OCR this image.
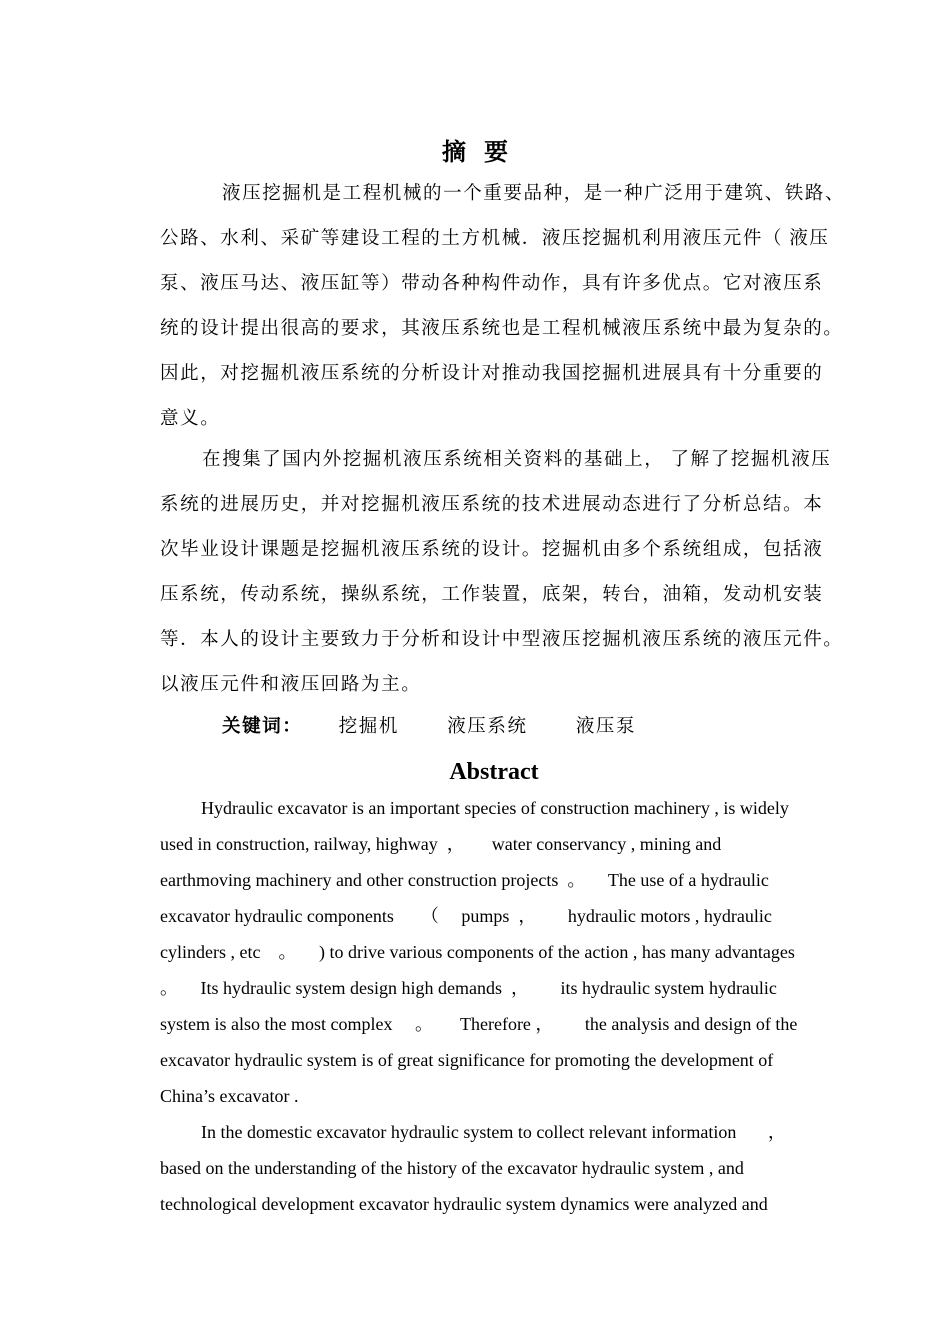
摘要
液压挖掘机是工程机械的一个重要品种，是一种广泛用于建筑、铁路、
公路、水利、采矿等建设工程的土方机械．液压挖掘机利用液压元件（ 液压
泵、液压马达、液压缸等）带动各种构件动作，具有许多优点。它对液压系
统的设计提出很高的要求，其液压系统也是工程机械液压系统中最为复杂的。
因此，对挖掘机液压系统的分析设计对推动我国挖掘机进展具有十分重要的
意义。
在搜集了国内外挖掘机液压系统相关资料的基础上， 了解了挖掘机液压
系统的进展历史，并对挖掘机液压系统的技术进展动态进行了分析总结。本
次毕业设计课题是挖掘机液压系统的设计。挖掘机由多个系统组成，包括液
压系统，传动系统，操纵系统，工作装置，底架，转台，油箱，发动机安装
等．本人的设计主要致力于分析和设计中型液压挖掘机液压系统的液压元件。
以液压元件和液压回路为主。
关键词： 挖掘机	液压系统	液压泵
Abstract
Hydraulic excavator is an important species of construction machinery , is widely
used in construction, railway, highway  ，      water conservancy , mining and
earthmoving machinery and other construction projects  。     The use of a hydraulic
excavator hydraulic components      （     pumps  ，       hydraulic motors , hydraulic
cylinders , etc    。     ) to drive various components of the action , has many advantages
。     Its hydraulic system design high demands  ，       its hydraulic system hydraulic
system is also the most complex     。      Therefore ，       the analysis and design of the
excavator hydraulic system is of great significance for promoting the development of
China’s excavator .
In the domestic excavator hydraulic system to collect relevant information       ，
based on the understanding of the history of the excavator hydraulic system , and
technological development excavator hydraulic system dynamics were analyzed and
